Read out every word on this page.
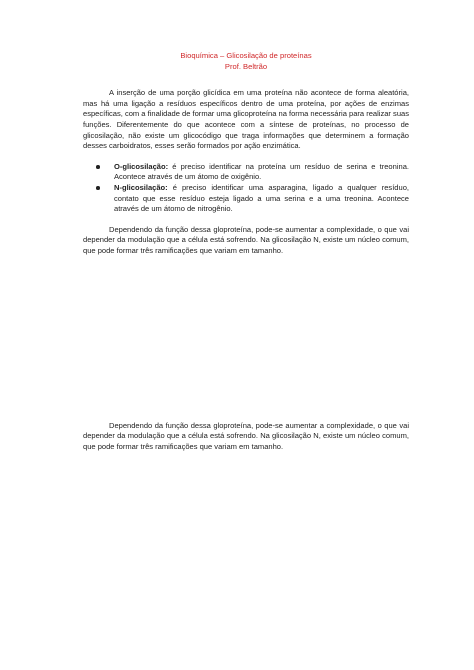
Bioquímica – Glicosilação de proteínas
Prof. Beltrão

A inserção de uma porção glicídica em uma proteína não acontece de forma aleatória, mas há uma ligação a resíduos específicos dentro de uma proteína, por ações de enzimas específicas, com a finalidade de formar uma glicoproteína na forma necessária para realizar suas funções. Diferentemente do que acontece com a síntese de proteínas, no processo de glicosilação, não existe um glicocódigo que traga informações que determinem a formação desses carboidratos, esses serão formados por ação enzimática.

O-glicosilação: é preciso identificar na proteína um resíduo de serina e treonina. Acontece através de um átomo de oxigênio.
N-glicosilação: é preciso identificar uma asparagina, ligado a qualquer resíduo, contato que esse resíduo esteja ligado a uma serina e a uma treonina. Acontece através de um átomo de nitrogênio.

Dependendo da função dessa gloproteína, pode-se aumentar a complexidade, o que vai depender da modulação que a célula está sofrendo. Na glicosilação N, existe um núcleo comum, que pode formar três ramificações que variam em tamanho.

Dependendo da função dessa gloproteína, pode-se aumentar a complexidade, o que vai depender da modulação que a célula está sofrendo. Na glicosilação N, existe um núcleo comum, que pode formar três ramificações que variam em tamanho.
